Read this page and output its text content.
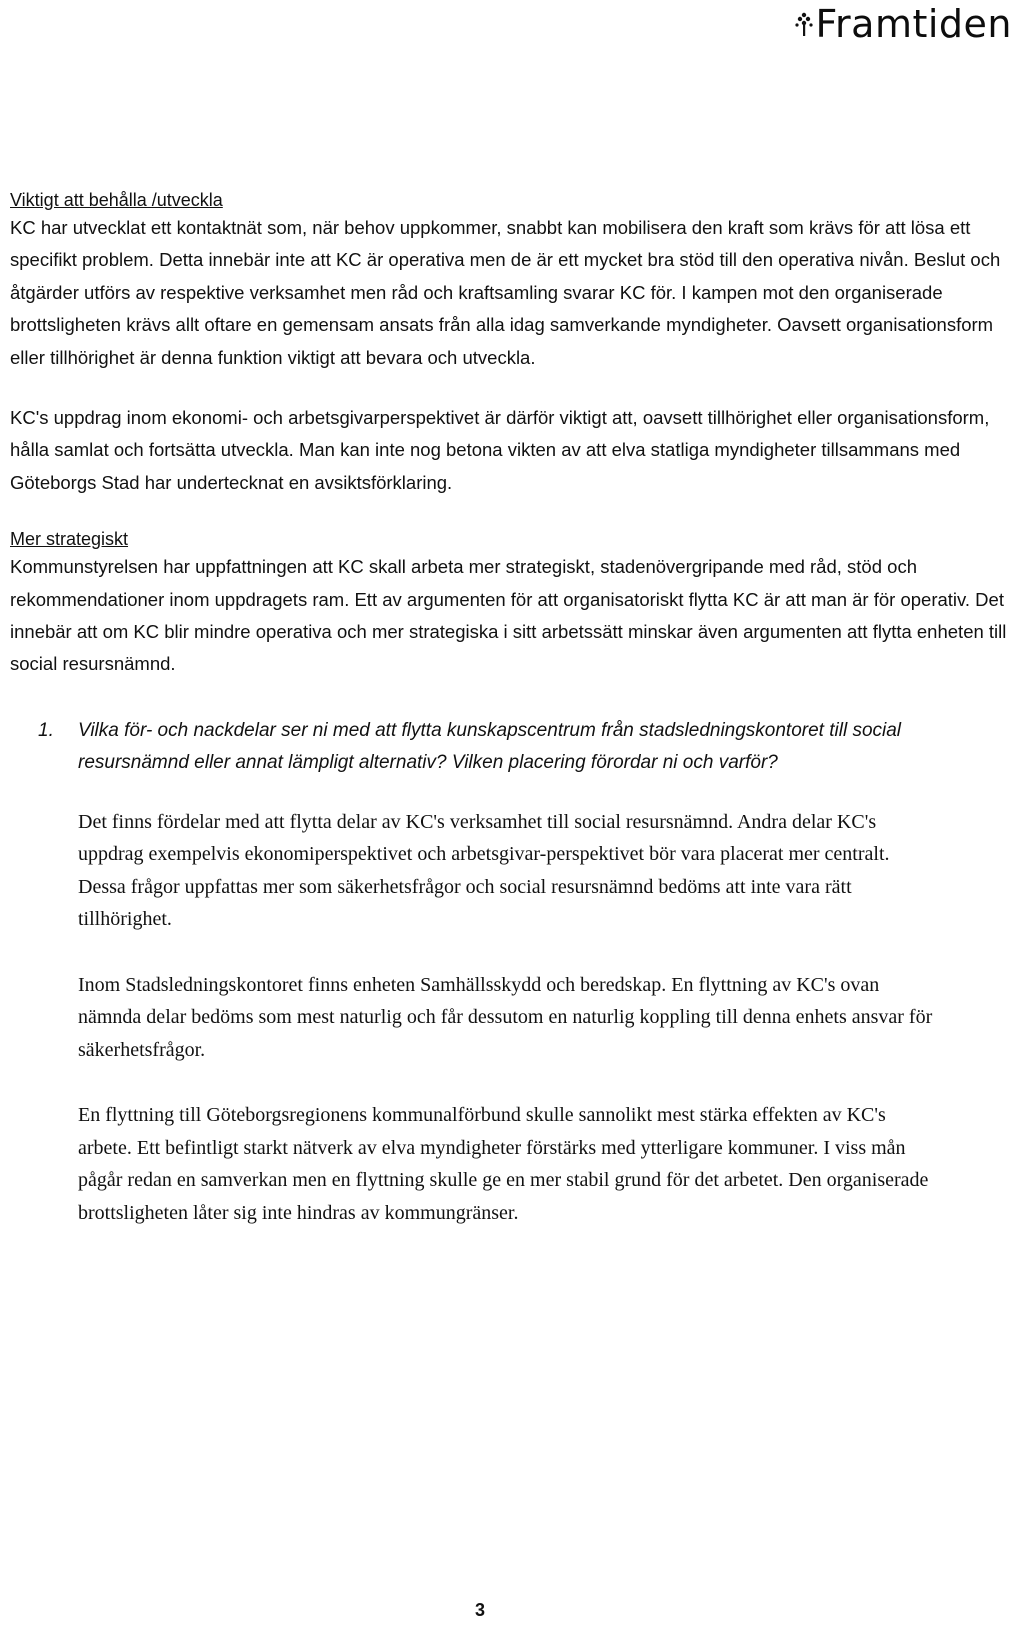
Framtiden
Viktigt att behålla /utveckla

KC har utvecklat ett kontaktnät som, när behov uppkommer, snabbt kan mobilisera den kraft som krävs för att lösa ett specifikt problem. Detta innebär inte att KC är operativa men de är ett mycket bra stöd till den operativa nivån. Beslut och åtgärder utförs av respektive verksamhet men råd och kraftsamling svarar KC för. I kampen mot den organiserade brottsligheten krävs allt oftare en gemensam ansats från alla idag samverkande myndigheter. Oavsett organisationsform eller tillhörighet är denna funktion viktigt att bevara och utveckla.

KC's uppdrag inom ekonomi- och arbetsgivarperspektivet är därför viktigt att, oavsett tillhörighet eller organisationsform, hålla samlat och fortsätta utveckla. Man kan inte nog betona vikten av att elva statliga myndigheter tillsammans med Göteborgs Stad har undertecknat en avsiktsförklaring.

Mer strategiskt

Kommunstyrelsen har uppfattningen att KC skall arbeta mer strategiskt, stadenövergripande med råd, stöd och rekommendationer inom uppdragets ram. Ett av argumenten för att organisatoriskt flytta KC är att man är för operativ. Det innebär att om KC blir mindre operativa och mer strategiska i sitt arbetssätt minskar även argumenten att flytta enheten till social resursnämnd.

1.	Vilka för- och nackdelar ser ni med att flytta kunskapscentrum från stadsledningskontoret till social resursnämnd eller annat lämpligt alternativ? Vilken placering förordar ni och varför?

Det finns fördelar med att flytta delar av KC's verksamhet till social resursnämnd. Andra delar KC's uppdrag exempelvis ekonomiperspektivet och arbetsgivar-perspektivet bör vara placerat mer centralt. Dessa frågor uppfattas mer som säkerhetsfrågor och social resursnämnd bedöms att inte vara rätt tillhörighet.

Inom Stadsledningskontoret finns enheten Samhällsskydd och beredskap. En flyttning av KC's ovan nämnda delar bedöms som mest naturlig och får dessutom en naturlig koppling till denna enhets ansvar för säkerhetsfrågor.

En flyttning till Göteborgsregionens kommunalförbund skulle sannolikt mest stärka effekten av KC's arbete. Ett befintligt starkt nätverk av elva myndigheter förstärks med ytterligare kommuner. I viss mån pågår redan en samverkan men en flyttning skulle ge en mer stabil grund för det arbetet. Den organiserade brottsligheten låter sig inte hindras av kommungränser.

3
